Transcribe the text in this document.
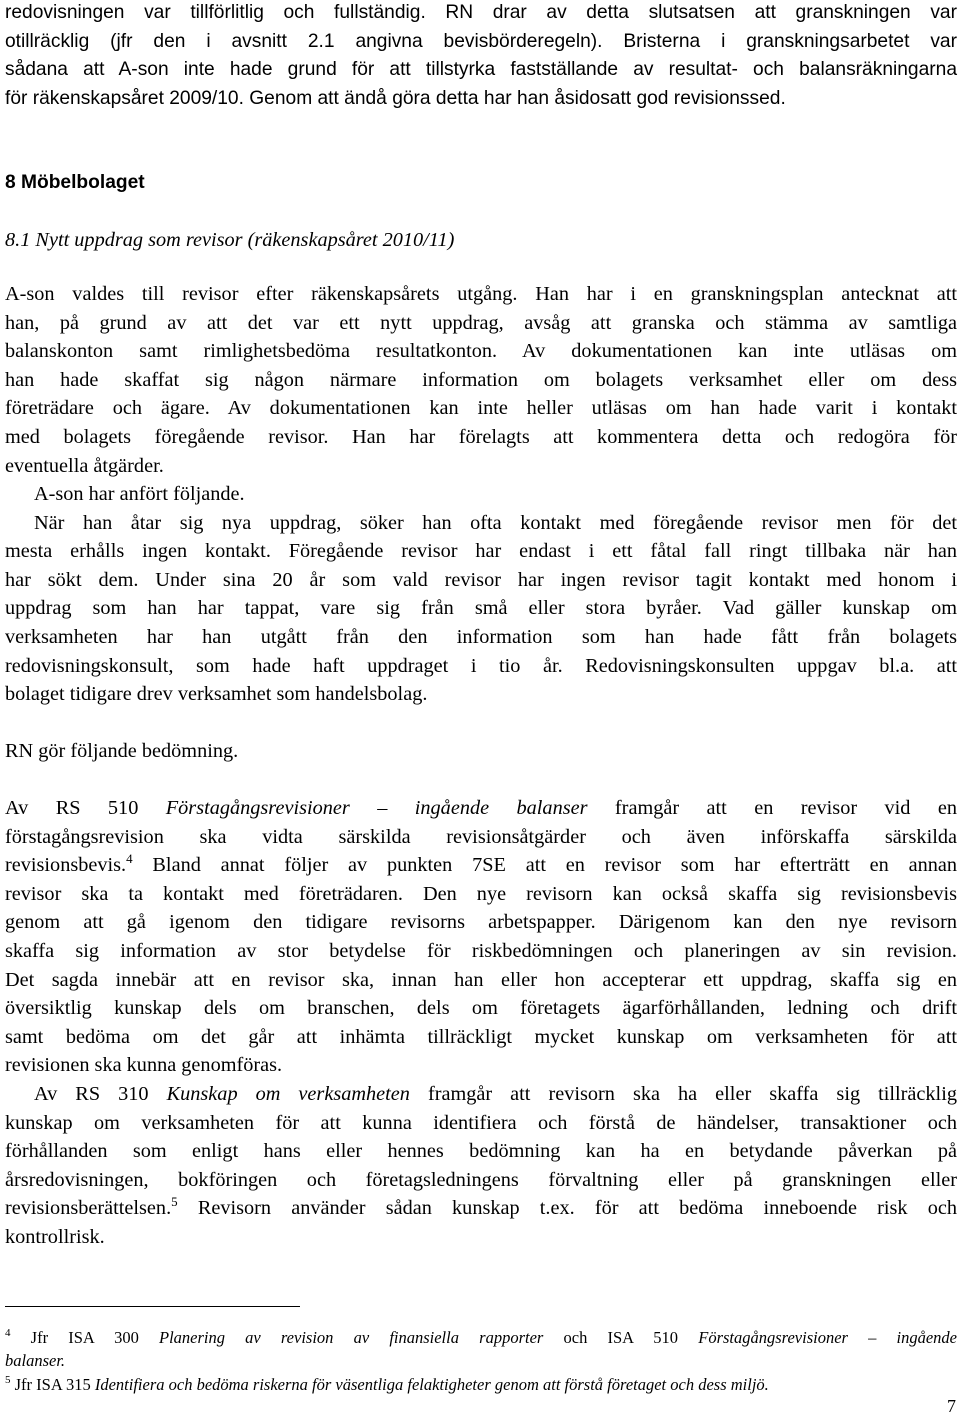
redovisningen var tillförlitlig och fullständig. RN drar av detta slutsatsen att granskningen var
otillräcklig (jfr den i avsnitt 2.1 angivna bevisbörderegeln). Bristerna i granskningsarbetet var
sådana att A-son inte hade grund för att tillstyrka fastställande av resultat- och balansräkningarna
för räkenskapsåret 2009/10. Genom att ändå göra detta har han åsidosatt god revisionssed.
8 Möbelbolaget
8.1 Nytt uppdrag som revisor (räkenskapsåret 2010/11)
A-son valdes till revisor efter räkenskapsårets utgång. Han har i en granskningsplan antecknat att
han, på grund av att det var ett nytt uppdrag, avsåg att granska och stämma av samtliga
balanskonton samt rimlighetsbedöma resultatkonton. Av dokumentationen kan inte utläsas om
han hade skaffat sig någon närmare information om bolagets verksamhet eller om dess
företrädare och ägare. Av dokumentationen kan inte heller utläsas om han hade varit i kontakt
med bolagets föregående revisor. Han har förelagts att kommentera detta och redogöra för
eventuella åtgärder.
A-son har anfört följande.
När han åtar sig nya uppdrag, söker han ofta kontakt med föregående revisor men för det
mesta erhålls ingen kontakt. Föregående revisor har endast i ett fåtal fall ringt tillbaka när han
har sökt dem. Under sina 20 år som vald revisor har ingen revisor tagit kontakt med honom i
uppdrag som han har tappat, vare sig från små eller stora byråer. Vad gäller kunskap om
verksamheten har han utgått från den information som han hade fått från bolagets
redovisningskonsult, som hade haft uppdraget i tio år. Redovisningskonsulten uppgav bl.a. att
bolaget tidigare drev verksamhet som handelsbolag.
RN gör följande bedömning.
Av RS 510 Förstagångsrevisioner – ingående balanser framgår att en revisor vid en
förstagångsrevision ska vidta särskilda revisionsåtgärder och även införskaffa särskilda
revisionsbevis.$^4$ Bland annat följer av punkten 7SE att en revisor som har efterträtt en annan
revisor ska ta kontakt med företrädaren. Den nye revisorn kan också skaffa sig revisionsbevis
genom att gå igenom den tidigare revisorns arbetspapper. Därigenom kan den nye revisorn
skaffa sig information av stor betydelse för riskbedömningen och planeringen av sin revision.
Det sagda innebär att en revisor ska, innan han eller hon accepterar ett uppdrag, skaffa sig en
översiktlig kunskap dels om branschen, dels om företagets ägarförhållanden, ledning och drift
samt bedöma om det går att inhämta tillräckligt mycket kunskap om verksamheten för att
revisionen ska kunna genomföras.
Av RS 310 Kunskap om verksamheten framgår att revisorn ska ha eller skaffa sig tillräcklig
kunskap om verksamheten för att kunna identifiera och förstå de händelser, transaktioner och
förhållanden som enligt hans eller hennes bedömning kan ha en betydande påverkan på
årsredovisningen, bokföringen och företagsledningens förvaltning eller på granskningen eller
revisionsberättelsen.$^5$ Revisorn använder sådan kunskap t.ex. för att bedöma inneboende risk och
kontrollrisk.
$^4$ Jfr ISA 300 Planering av revision av finansiella rapporter och ISA 510 Förstagångsrevisioner – ingående
balanser.
$^5$ Jfr ISA 315 Identifiera och bedöma riskerna för väsentliga felaktigheter genom att förstå företaget och dess miljö.
7
